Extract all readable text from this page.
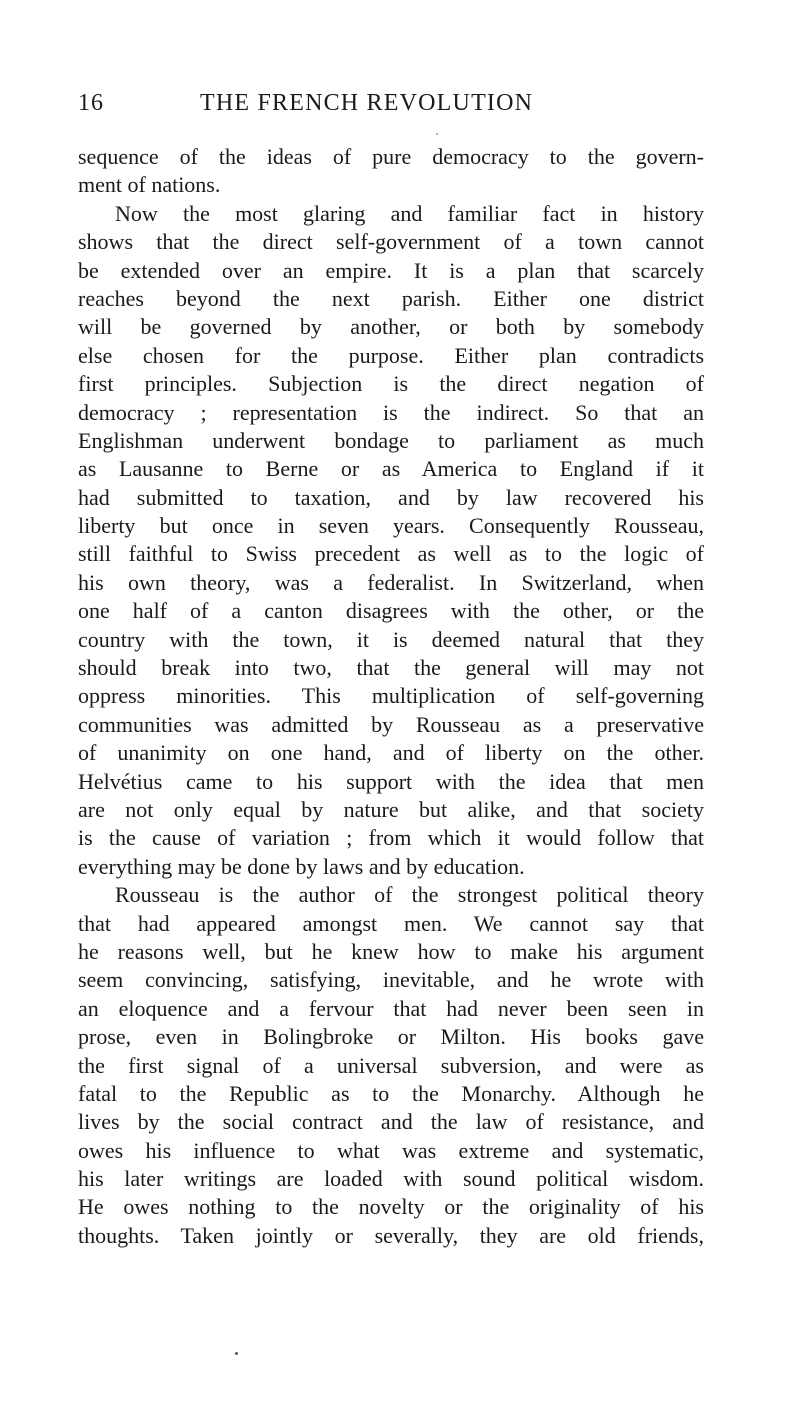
16	THE FRENCH REVOLUTION
sequence of the ideas of pure democracy to the govern-
ment of nations.
Now the most glaring and familiar fact in history
shows that the direct self-government of a town cannot
be extended over an empire. It is a plan that scarcely
reaches beyond the next parish. Either one district
will be governed by another, or both by somebody
else chosen for the purpose. Either plan contradicts
first principles. Subjection is the direct negation of
democracy ; representation is the indirect. So that an
Englishman underwent bondage to parliament as much
as Lausanne to Berne or as America to England if it
had submitted to taxation, and by law recovered his
liberty but once in seven years. Consequently Rousseau,
still faithful to Swiss precedent as well as to the logic of
his own theory, was a federalist. In Switzerland, when
one half of a canton disagrees with the other, or the
country with the town, it is deemed natural that they
should break into two, that the general will may not
oppress minorities. This multiplication of self-governing
communities was admitted by Rousseau as a preservative
of unanimity on one hand, and of liberty on the other.
Helvétius came to his support with the idea that men
are not only equal by nature but alike, and that society
is the cause of variation ; from which it would follow that
everything may be done by laws and by education.
Rousseau is the author of the strongest political theory
that had appeared amongst men. We cannot say that
he reasons well, but he knew how to make his argument
seem convincing, satisfying, inevitable, and he wrote with
an eloquence and a fervour that had never been seen in
prose, even in Bolingbroke or Milton. His books gave
the first signal of a universal subversion, and were as
fatal to the Republic as to the Monarchy. Although he
lives by the social contract and the law of resistance, and
owes his influence to what was extreme and systematic,
his later writings are loaded with sound political wisdom.
He owes nothing to the novelty or the originality of his
thoughts. Taken jointly or severally, they are old friends,
